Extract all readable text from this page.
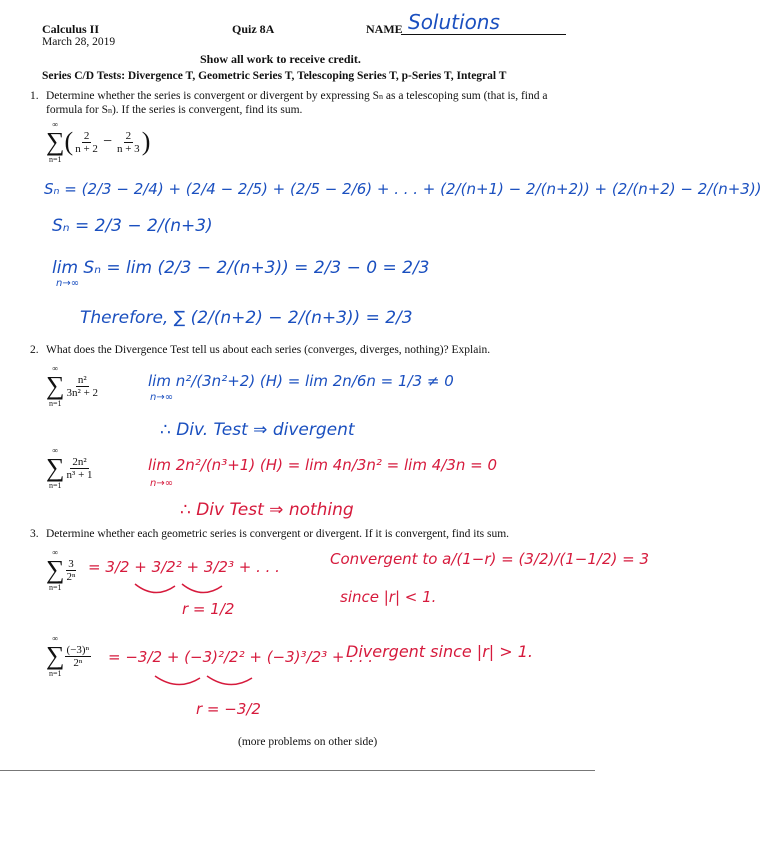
Calculus II
March 28, 2019
Quiz 8A	NAME Solutions
Show all work to receive credit.
Series C/D Tests: Divergence T, Geometric Series T, Telescoping Series T, p-Series T, Integral T
1. Determine whether the series is convergent or divergent by expressing Sn as a telescoping sum (that is, find a
formula for Sn). If the series is convergent, find its sum.
∞
∑
n=1
( $\frac{2}{n + 2} - \frac{2}{n + 3}$ )
Sₙ = (2/3 − 2/4) + (2/4 − 2/5) + (2/5 − 2/6) + . . . + (2/(n+1) − 2/(n+2)) + (2/(n+2) − 2/(n+3))
Sₙ = 2/3 − 2/(n+3)
lim Sₙ = lim (2/3 − 2/(n+3)) = 2/3 − 0 = 2/3
n→∞
Therefore, ∑ (2/(n+2) − 2/(n+3)) = 2/3
2. What does the Divergence Test tell us about each series (converges, diverges, nothing)? Explain.
∞
∑
n=1
$\frac{\text{n²}}{\text{3n² + 2}}$	lim n²/(3n²+2) (H) = lim 2n/6n = 1/3 ≠ 0
n→∞
∴ Div. Test ⇒ divergent
∞
∑
n=1
$\frac{\text{2n²}}{\text{n³ + 1}}$	lim 2n²/(n³+1) (H) = lim 4n/3n² = lim 4/3n = 0
n→∞
∴ Div Test ⇒ nothing
3. Determine whether each geometric series is convergent or divergent. If it is convergent, find its sum.
∞
∑
n=1
$\frac{3}{\text{2ⁿ}} = 3/2 + 3/2^2 + 3/2^3$ + . . .
r = 1/2
Convergent to a/(1−r) = (3/2)/(1−1/2) = 3
since |r| < 1.
∞
∑
n=1
$\frac{\text{(−3)ⁿ}}{\text{2ⁿ}} = -3/2 + (-3)^2/2^2 + (-3)^3/2^3$ + . . .
r = −3/2
Divergent since |r| > 1.
(more problems on other side)
